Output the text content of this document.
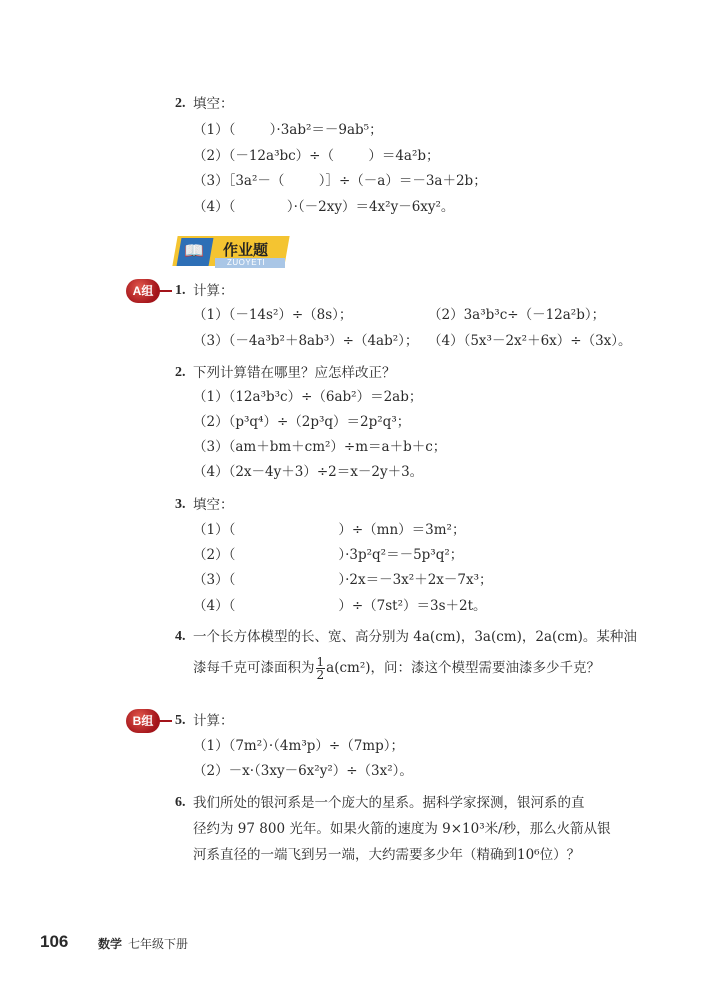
2. 填空：
（1）（        ）·3ab²＝－9ab⁵；
（2）（－12a³bc）÷（        ）＝4a²b；
（3）［3a²－（        ）］÷（－a）＝－3a＋2b；
（4）（            ）·（－2xy）＝4x²y－6xy²。
📖 作业题
ZUOYETI
A组	1. 计算：
（1）（－14s²）÷（8s）；	（2）3a³b³c÷（－12a²b）；
（3）（－4a³b²＋8ab³）÷（4ab²）； （4）（5x³－2x²＋6x）÷（3x）。
2. 下列计算错在哪里？应怎样改正？
（1）（12a³b³c）÷（6ab²）＝2ab；
（2）（p³q⁴）÷（2p³q）＝2p²q³；
（3）（am＋bm＋cm²）÷m＝a＋b＋c；
（4）（2x－4y＋3）÷2＝x－2y＋3。
3. 填空：
（1）（                        ）÷（mn）＝3m²；
（2）（                        ）·3p²q²＝－5p³q²；
（3）（                        ）·2x＝－3x²＋2x－7x³；
（4）（                        ）÷（7st²）＝3s＋2t。
4. 一个长方体模型的长、宽、高分别为 4a(cm)，3a(cm)，2a(cm)。某种油
漆每千克可漆面积为 $\frac{1}{2} a(cm^2)$，问：漆这个模型需要油漆多少千克？
B组	5. 计算：
（1）（7m²）·（4m³p）÷（7mp）；
（2）－x·（3xy－6x²y²）÷（3x²）。
6. 我们所处的银河系是一个庞大的星系。据科学家探测，银河系的直
径约为 97 800 光年。如果火箭的速度为 9×10³米/秒，那么火箭从银
河系直径的一端飞到另一端，大约需要多少年（精确到10⁶位）？
106 数学 七年级下册
